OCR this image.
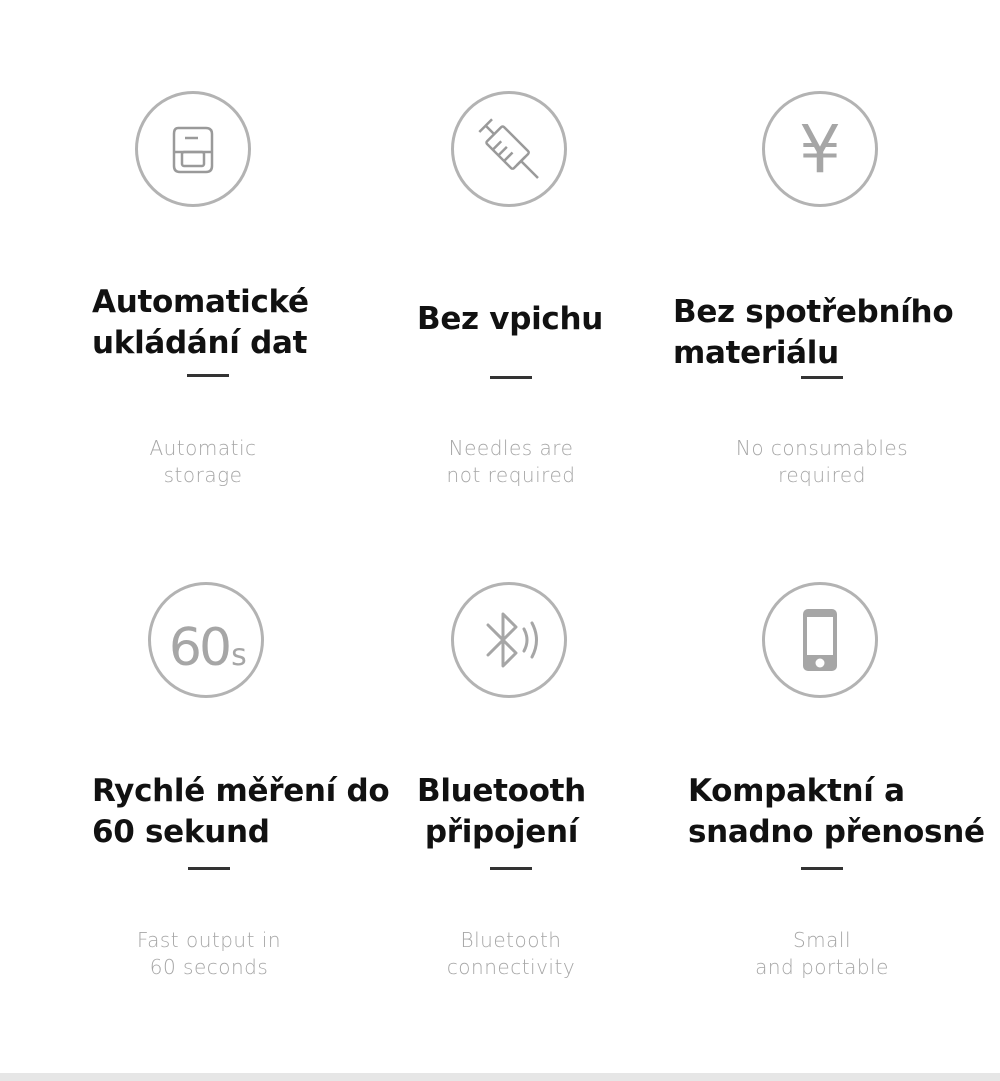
Automatické
ukládání dat
Automatic
storage
Bez vpichu
Needles are
not required
¥
Bez spotřebního
materiálu
No consumables
required
60 s
Rychlé měření do
60 sekund
Fast output in
60 seconds
Bluetooth
připojení
Bluetooth
connectivity
Kompaktní a
snadno přenosné
Small
and portable
